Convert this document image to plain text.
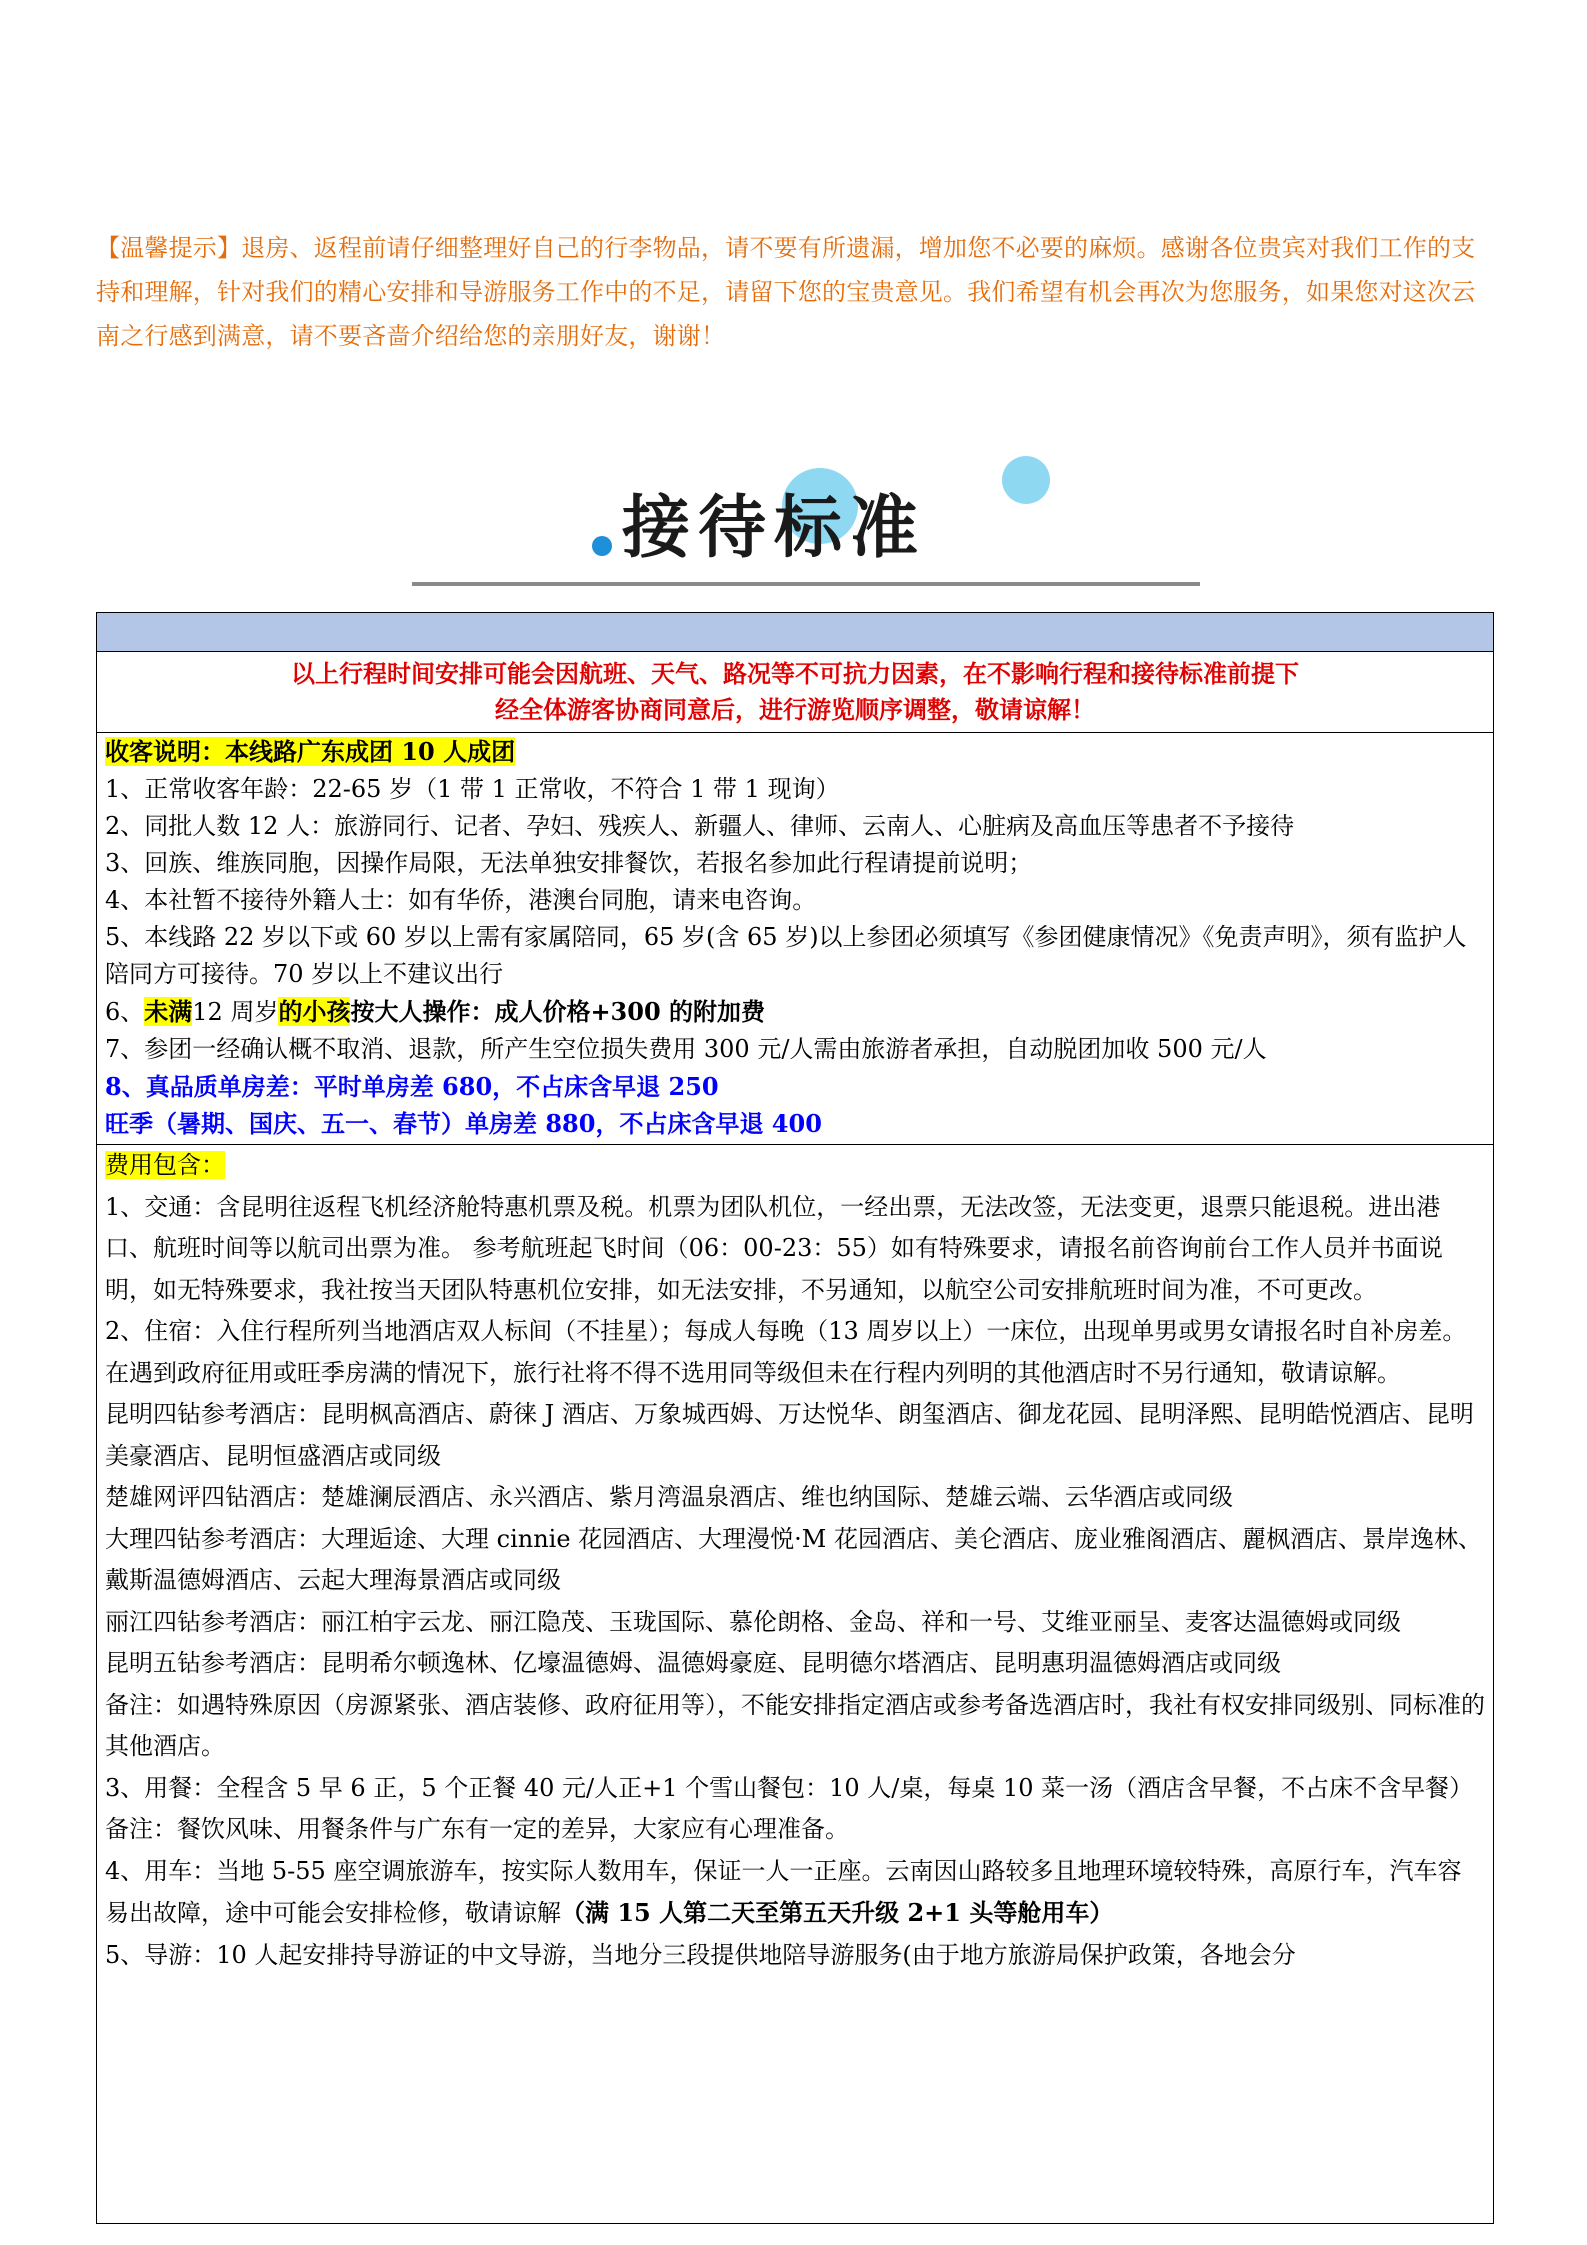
【温馨提示】退房、返程前请仔细整理好自己的行李物品，请不要有所遗漏，增加您不必要的麻烦。感谢各位贵宾对我们工作的支持和理解，针对我们的精心安排和导游服务工作中的不足，请留下您的宝贵意见。我们希望有机会再次为您服务，如果您对这次云南之行感到满意，请不要吝啬介绍给您的亲朋好友，谢谢！
接待标准
以上行程时间安排可能会因航班、天气、路况等不可抗力因素，在不影响行程和接待标准前提下
经全体游客协商同意后，进行游览顺序调整，敬请谅解！

收客说明：本线路广东成团 10 人成团

1、正常收客年龄：22-65 岁（1 带 1 正常收，不符合 1 带 1 现询）

2、同批人数 12 人：旅游同行、记者、孕妇、残疾人、新疆人、律师、云南人、心脏病及高血压等患者不予接待

3、回族、维族同胞，因操作局限，无法单独安排餐饮，若报名参加此行程请提前说明；

4、本社暂不接待外籍人士：如有华侨，港澳台同胞，请来电咨询。

5、本线路 22 岁以下或 60 岁以上需有家属陪同，65 岁(含 65 岁)以上参团必须填写《参团健康情况》《免责声明》，须有监护人陪同方可接待。70 岁以上不建议出行

6、未满12 周岁的小孩按大人操作：成人价格+300 的附加费

7、参团一经确认概不取消、退款，所产生空位损失费用 300 元/人需由旅游者承担，自动脱团加收 500 元/人

8、真品质单房差：平时单房差 680，不占床含早退 250

旺季（暑期、国庆、五一、春节）单房差 880，不占床含早退 400

费用包含：

1、交通：含昆明往返程飞机经济舱特惠机票及税。机票为团队机位，一经出票，无法改签，无法变更，退票只能退税。进出港口、航班时间等以航司出票为准。 参考航班起飞时间（06：00-23：55）如有特殊要求，请报名前咨询前台工作人员并书面说明，如无特殊要求，我社按当天团队特惠机位安排，如无法安排，不另通知，以航空公司安排航班时间为准，不可更改。

2、住宿：入住行程所列当地酒店双人标间（不挂星）；每成人每晚（13 周岁以上）一床位，出现单男或男女请报名时自补房差。在遇到政府征用或旺季房满的情况下，旅行社将不得不选用同等级但未在行程内列明的其他酒店时不另行通知，敬请谅解。

昆明四钻参考酒店：昆明枫高酒店、蔚徕 J 酒店、万象城西姆、万达悦华、朗玺酒店、御龙花园、昆明泽熙、昆明皓悦酒店、昆明美豪酒店、昆明恒盛酒店或同级

楚雄网评四钻酒店：楚雄澜辰酒店、永兴酒店、紫月湾温泉酒店、维也纳国际、楚雄云端、云华酒店或同级

大理四钻参考酒店：大理逅途、大理 cinnie 花园酒店、大理漫悦·M 花园酒店、美仑酒店、庞业雅阁酒店、麗枫酒店、景岸逸林、戴斯温德姆酒店、云起大理海景酒店或同级

丽江四钻参考酒店：丽江柏宇云龙、丽江隐茂、玉珑国际、慕伦朗格、金岛、祥和一号、艾维亚丽呈、麦客达温德姆或同级

昆明五钻参考酒店：昆明希尔顿逸林、亿壕温德姆、温德姆豪庭、昆明德尔塔酒店、昆明惠玥温德姆酒店或同级

备注：如遇特殊原因（房源紧张、酒店装修、政府征用等），不能安排指定酒店或参考备选酒店时，我社有权安排同级别、同标准的其他酒店。

3、用餐：全程含 5 早 6 正，5 个正餐 40 元/人正+1 个雪山餐包：10 人/桌，每桌 10 菜一汤（酒店含早餐，不占床不含早餐）备注：餐饮风味、用餐条件与广东有一定的差异，大家应有心理准备。

4、用车：当地 5-55 座空调旅游车，按实际人数用车，保证一人一正座。云南因山路较多且地理环境较特殊，高原行车，汽车容易出故障，途中可能会安排检修，敬请谅解（满 15 人第二天至第五天升级 2+1 头等舱用车）

5、导游：10 人起安排持导游证的中文导游，当地分三段提供地陪导游服务(由于地方旅游局保护政策，各地会分
